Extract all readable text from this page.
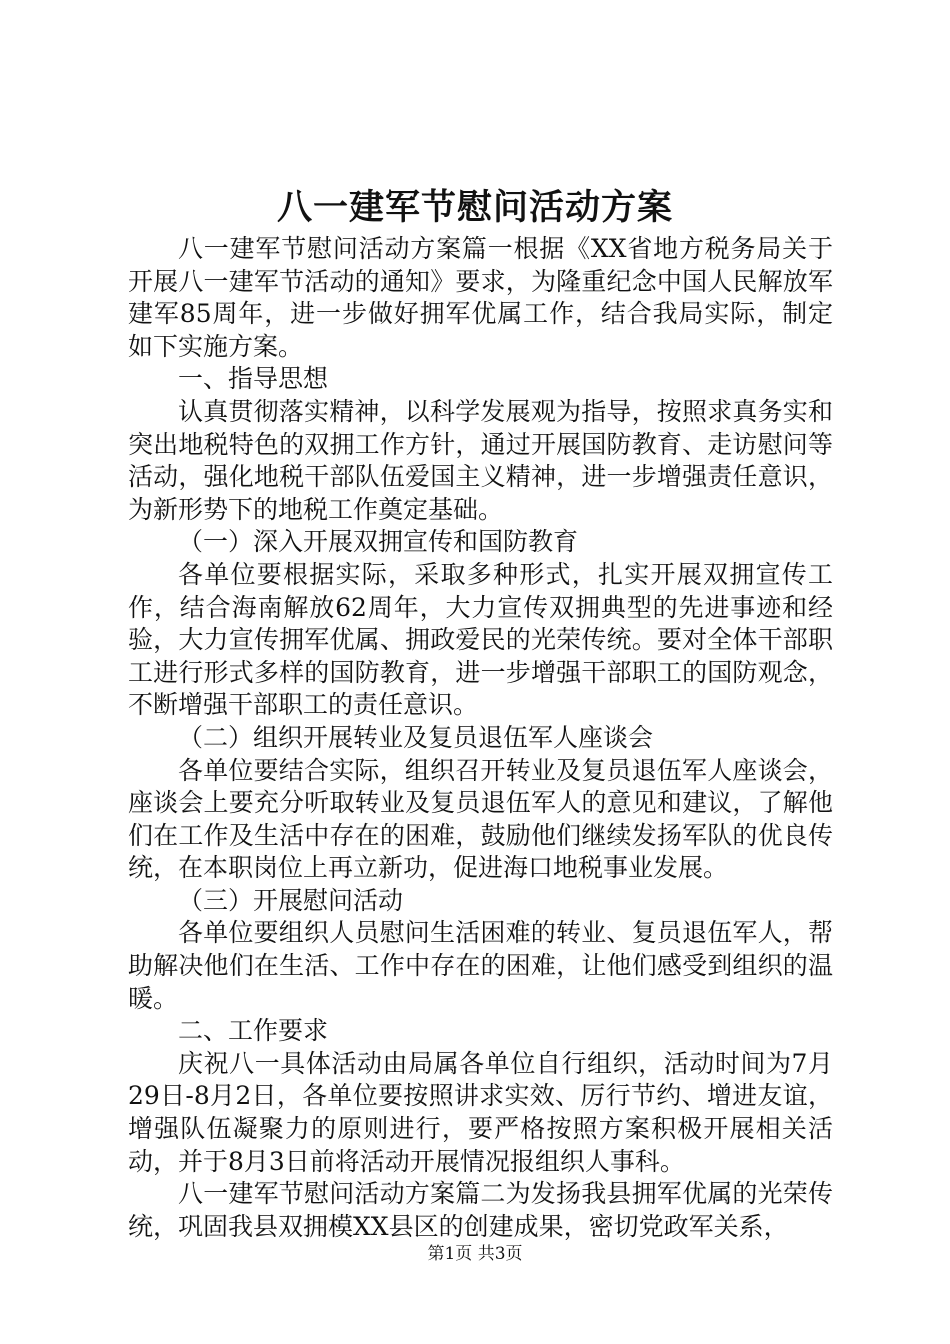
八一建军节慰问活动方案

八一建军节慰问活动方案篇一根据《XX省地方税务局关于开展八一建军节活动的通知》要求，为隆重纪念中国人民解放军建军85周年，进一步做好拥军优属工作，结合我局实际，制定如下实施方案。

一、指导思想

认真贯彻落实精神，以科学发展观为指导，按照求真务实和突出地税特色的双拥工作方针，通过开展国防教育、走访慰问等活动，强化地税干部队伍爱国主义精神，进一步增强责任意识，为新形势下的地税工作奠定基础。

（一）深入开展双拥宣传和国防教育

各单位要根据实际，采取多种形式，扎实开展双拥宣传工作，结合海南解放62周年，大力宣传双拥典型的先进事迹和经验，大力宣传拥军优属、拥政爱民的光荣传统。要对全体干部职工进行形式多样的国防教育，进一步增强干部职工的国防观念，不断增强干部职工的责任意识。

（二）组织开展转业及复员退伍军人座谈会

各单位要结合实际，组织召开转业及复员退伍军人座谈会，座谈会上要充分听取转业及复员退伍军人的意见和建议，了解他们在工作及生活中存在的困难，鼓励他们继续发扬军队的优良传统，在本职岗位上再立新功，促进海口地税事业发展。

（三）开展慰问活动

各单位要组织人员慰问生活困难的转业、复员退伍军人，帮助解决他们在生活、工作中存在的困难，让他们感受到组织的温暖。

二、工作要求

庆祝八一具体活动由局属各单位自行组织，活动时间为7月29日-8月2日，各单位要按照讲求实效、厉行节约、增进友谊，增强队伍凝聚力的原则进行，要严格按照方案积极开展相关活动，并于8月3日前将活动开展情况报组织人事科。

八一建军节慰问活动方案篇二为发扬我县拥军优属的光荣传统，巩固我县双拥模XX县区的创建成果，密切党政军关系，

第1页 共3页
